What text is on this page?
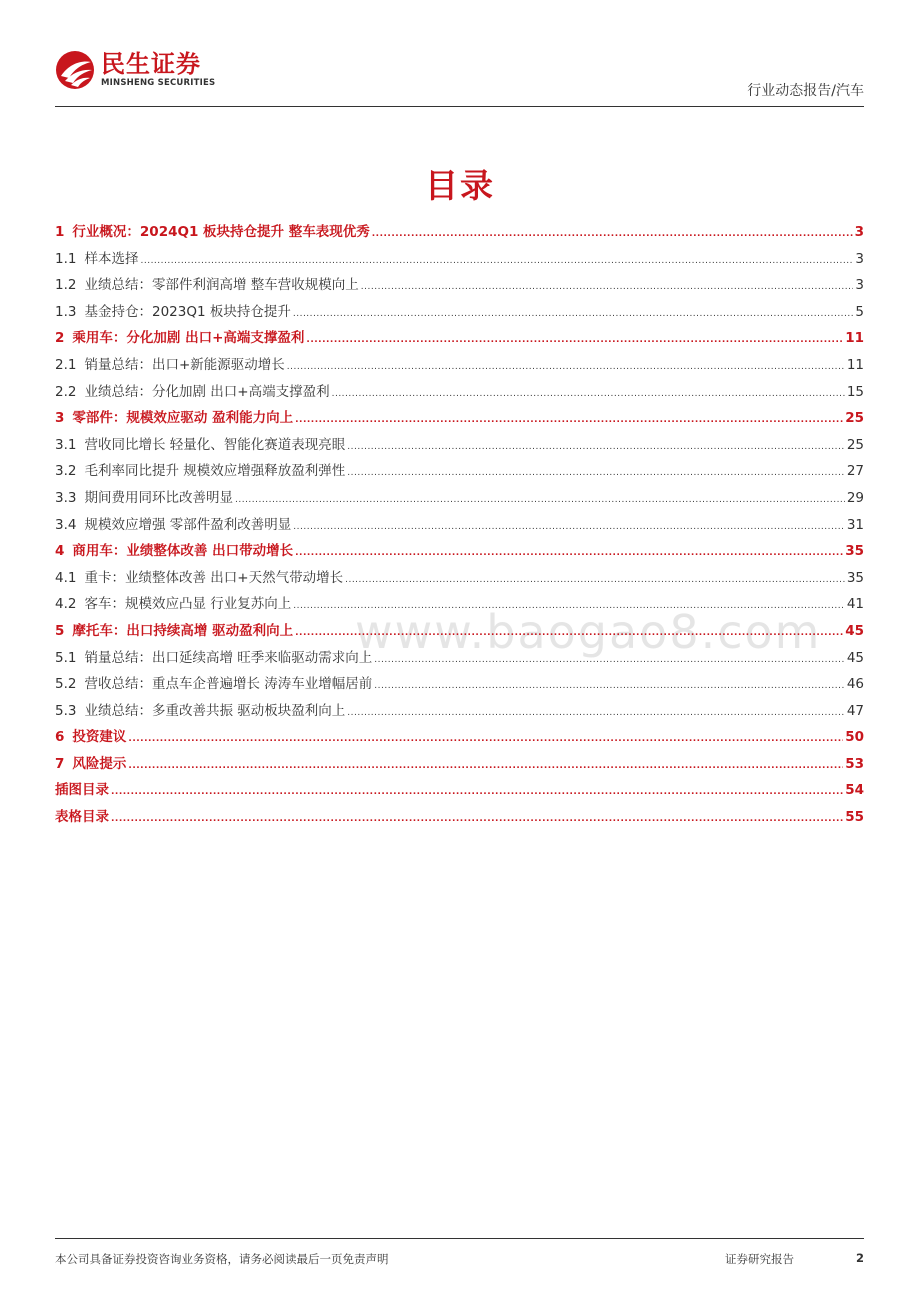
民生证券
MINSHENG SECURITIES	行业动态报告/汽车
目录
www.baogao8.com
1 行业概况：2024Q1 板块持仓提升 整车表现优秀 .....	3
1.1 样本选择 .....	3
1.2 业绩总结：零部件利润高增 整车营收规模向上 .....	3
1.3 基金持仓：2023Q1 板块持仓提升 .....	5
2 乘用车：分化加剧 出口+高端支撑盈利 .....	11
2.1 销量总结：出口+新能源驱动增长 .....	11
2.2 业绩总结：分化加剧 出口+高端支撑盈利 .....	15
3 零部件：规模效应驱动 盈利能力向上 .....	25
3.1 营收同比增长 轻量化、智能化赛道表现亮眼 .....	25
3.2 毛利率同比提升 规模效应增强释放盈利弹性 .....	27
3.3 期间费用同环比改善明显 .....	29
3.4 规模效应增强 零部件盈利改善明显 .....	31
4 商用车：业绩整体改善 出口带动增长 .....	35
4.1 重卡：业绩整体改善 出口+天然气带动增长 .....	35
4.2 客车：规模效应凸显 行业复苏向上 .....	41
5 摩托车：出口持续高增 驱动盈利向上 .....	45
5.1 销量总结：出口延续高增 旺季来临驱动需求向上 .....	45
5.2 营收总结：重点车企普遍增长 涛涛车业增幅居前 .....	46
5.3 业绩总结：多重改善共振 驱动板块盈利向上 .....	47
6 投资建议 .....	50
7 风险提示 .....	53
插图目录 .....	54
表格目录 .....	55
本公司具备证券投资咨询业务资格，请务必阅读最后一页免责声明	证券研究报告	2
